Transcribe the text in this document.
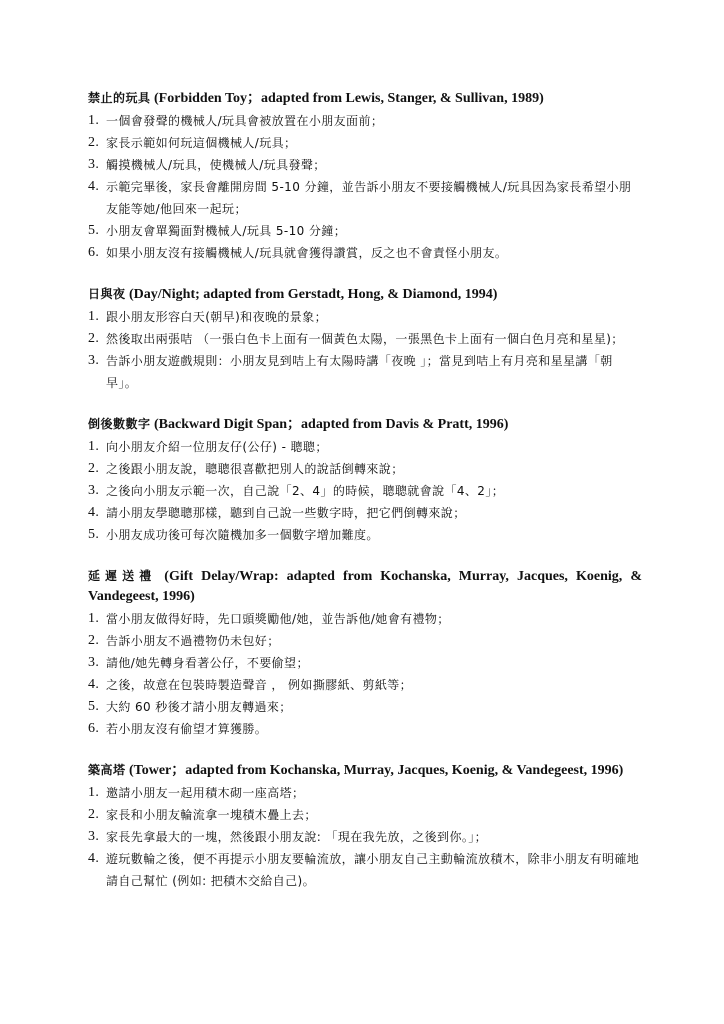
禁止的玩具 (Forbidden Toy；adapted from Lewis, Stanger, & Sullivan, 1989)
1. 一個會發聲的機械人/玩具會被放置在小朋友面前；
2. 家長示範如何玩這個機械人/玩具；
3. 觸摸機械人/玩具，使機械人/玩具發聲；
4. 示範完畢後，家長會離開房間 5-10 分鐘，並告訴小朋友不要接觸機械人/玩具因為家長希望小朋友能等她/他回來一起玩；
5. 小朋友會單獨面對機械人/玩具 5-10 分鐘；
6. 如果小朋友沒有接觸機械人/玩具就會獲得讚賞，反之也不會責怪小朋友。
日與夜 (Day/Night; adapted from Gerstadt, Hong, & Diamond, 1994)
1. 跟小朋友形容白天(朝早)和夜晚的景象；
2. 然後取出兩張咭 （一張白色卡上面有一個黃色太陽，一張黑色卡上面有一個白色月亮和星星)；
3. 告訴小朋友遊戲規則：小朋友見到咭上有太陽時講「夜晚 」；當見到咭上有月亮和星星講「朝早」。
倒後數數字 (Backward Digit Span；adapted from Davis & Pratt, 1996)
1. 向小朋友介紹一位朋友仔(公仔) - 聰聰；
2. 之後跟小朋友說，聰聰很喜歡把別人的說話倒轉來說；
3. 之後向小朋友示範一次，自己說「2、4」的時候，聰聰就會說「4、2」；
4. 請小朋友學聰聰那樣，聽到自己說一些數字時，把它們倒轉來說；
5. 小朋友成功後可每次隨機加多一個數字增加難度。
延遲送禮 (Gift Delay/Wrap: adapted from Kochanska, Murray, Jacques, Koenig, & Vandegeest, 1996)
1. 當小朋友做得好時，先口頭獎勵他/她，並告訴他/她會有禮物；
2. 告訴小朋友不過禮物仍未包好；
3. 請他/她先轉身看著公仔，不要偷望；
4. 之後，故意在包裝時製造聲音 ， 例如撕膠紙、剪紙等；
5. 大約 60 秒後才請小朋友轉過來；
6. 若小朋友沒有偷望才算獲勝。
築高塔 (Tower；adapted from Kochanska, Murray, Jacques, Koenig, & Vandegeest, 1996)
1. 邀請小朋友一起用積木砌一座高塔；
2. 家長和小朋友輪流拿一塊積木疊上去；
3. 家長先拿最大的一塊，然後跟小朋友說: 「現在我先放，之後到你。」；
4. 遊玩數輪之後，便不再提示小朋友要輪流放，讓小朋友自己主動輪流放積木，除非小朋友有明確地請自己幫忙 (例如: 把積木交給自己)。
